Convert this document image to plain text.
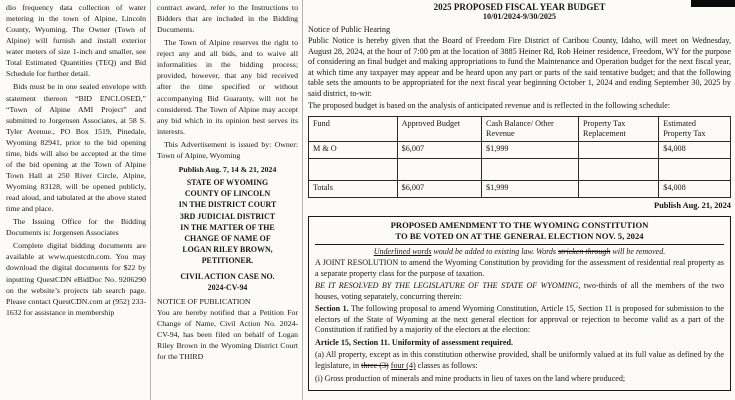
dio frequency data collection of water metering in the town of Alpine, Lincoln County, Wyoming. The Owner (Town of Alpine) will furnish and install exterior water meters of size 1-inch and smaller, see Total Estimated Quantities (TEQ) and Bid Schedule for further detail.

Bids must be in one sealed envelope with statement thereon “BID ENCLOSED,” “Town of Alpine AMI Project” and submitted to Jorgensen Associates, at 58 S. Tyler Avenue., PO Box 1519, Pinedale, Wyoming 82941, prior to the bid opening time, bids will also be accepted at the time of the bid opening at the Town of Alpine Town Hall at 250 River Circle, Alpine, Wyoming 83128, will be opened publicly, read aloud, and tabulated at the above stated time and place.

The Issuing Office for the Bidding Documents is: Jorgensen Associates

Complete digital bidding documents are available at www.questcdn.com. You may download the digital documents for $22 by inputting QuestCDN eBidDoc No. 9206290 on the website’s projects tab search page. Please contact QuestCDN.com at (952) 233-1632 for assistance in membership

contract award, refer to the Instructions to Bidders that are included in the Bidding Documents.

The Town of Alpine reserves the right to reject any and all bids, and to waive all informalities in the bidding process; provided, however, that any bid received after the time specified or without accompanying Bid Guaranty, will not be considered. The Town of Alpine may accept any bid which in its opinion best serves its interests.

This Advertisement is issued by: Owner: Town of Alpine, Wyoming

Publish Aug. 7, 14 & 21, 2024
STATE OF WYOMING
COUNTY OF LINCOLN
IN THE DISTRICT COURT
3RD JUDICIAL DISTRICT
IN THE MATTER OF THE
CHANGE OF NAME OF
LOGAN RILEY BROWN,
PETITIONER.
CIVIL ACTION CASE NO.
2024-CV-94
NOTICE OF PUBLICATION

You are hereby notified that a Petition For Change of Name, Civil Action No. 2024-CV-94, has been filed on behalf of Logan Riley Brown in the Wyoming District Court for the THIRD

2025 PROPOSED FISCAL YEAR BUDGET
10/01/2024-9/30/2025
Notice of Public Hearing

Public Notice is hereby given that the Board of Freedom Fire District of Caribou County, Idaho, will meet on Wednesday, August 28, 2024, at the hour of 7:00 pm at the location of 3885 Heiner Rd, Rob Heiner residence, Freedom, WY for the purpose of considering an final budget and making appropriations to fund the Maintenance and Operation budget for the next fiscal year, at which time any taxpayer may appear and be heard upon any part or parts of the said tentative budget; and that the following table sets the amounts to be appropriated for the next fiscal year beginning October 1, 2024 and ending September 30, 2025 by said district, to-wit:

The proposed budget is based on the analysis of anticipated revenue and is reflected in the following schedule:

Fund	Approved Budget	Cash Balance/ Other Revenue	Property Tax Replacement	Estimated Property Tax
M & O	$6,007	$1,999		$4,008

Totals	$6,007	$1,999		$4,008
Publish Aug. 21, 2024
PROPOSED AMENDMENT TO THE WYOMING CONSTITUTION
TO BE VOTED ON AT THE GENERAL ELECTION NOV. 5, 2024
Underlined words would be added to existing law. Words stricken through will be removed.

A JOINT RESOLUTION to amend the Wyoming Constitution by providing for the assessment of residential real property as a separate property class for the purpose of taxation.

BE IT RESOLVED BY THE LEGISLATURE OF THE STATE OF WYOMING, two-thirds of all the members of the two houses, voting separately, concurring therein:

Section 1. The following proposal to amend Wyoming Constitution, Article 15, Section 11 is proposed for submission to the electors of the State of Wyoming at the next general election for approval or rejection to become valid as a part of the Constitution if ratified by a majority of the electors at the election:

Article 15, Section 11. Uniformity of assessment required.

(a) All property, except as in this constitution otherwise provided, shall be uniformly valued at its full value as defined by the legislature, in three (3) four (4) classes as follows:

(i) Gross production of minerals and mine products in lieu of taxes on the land where produced;
